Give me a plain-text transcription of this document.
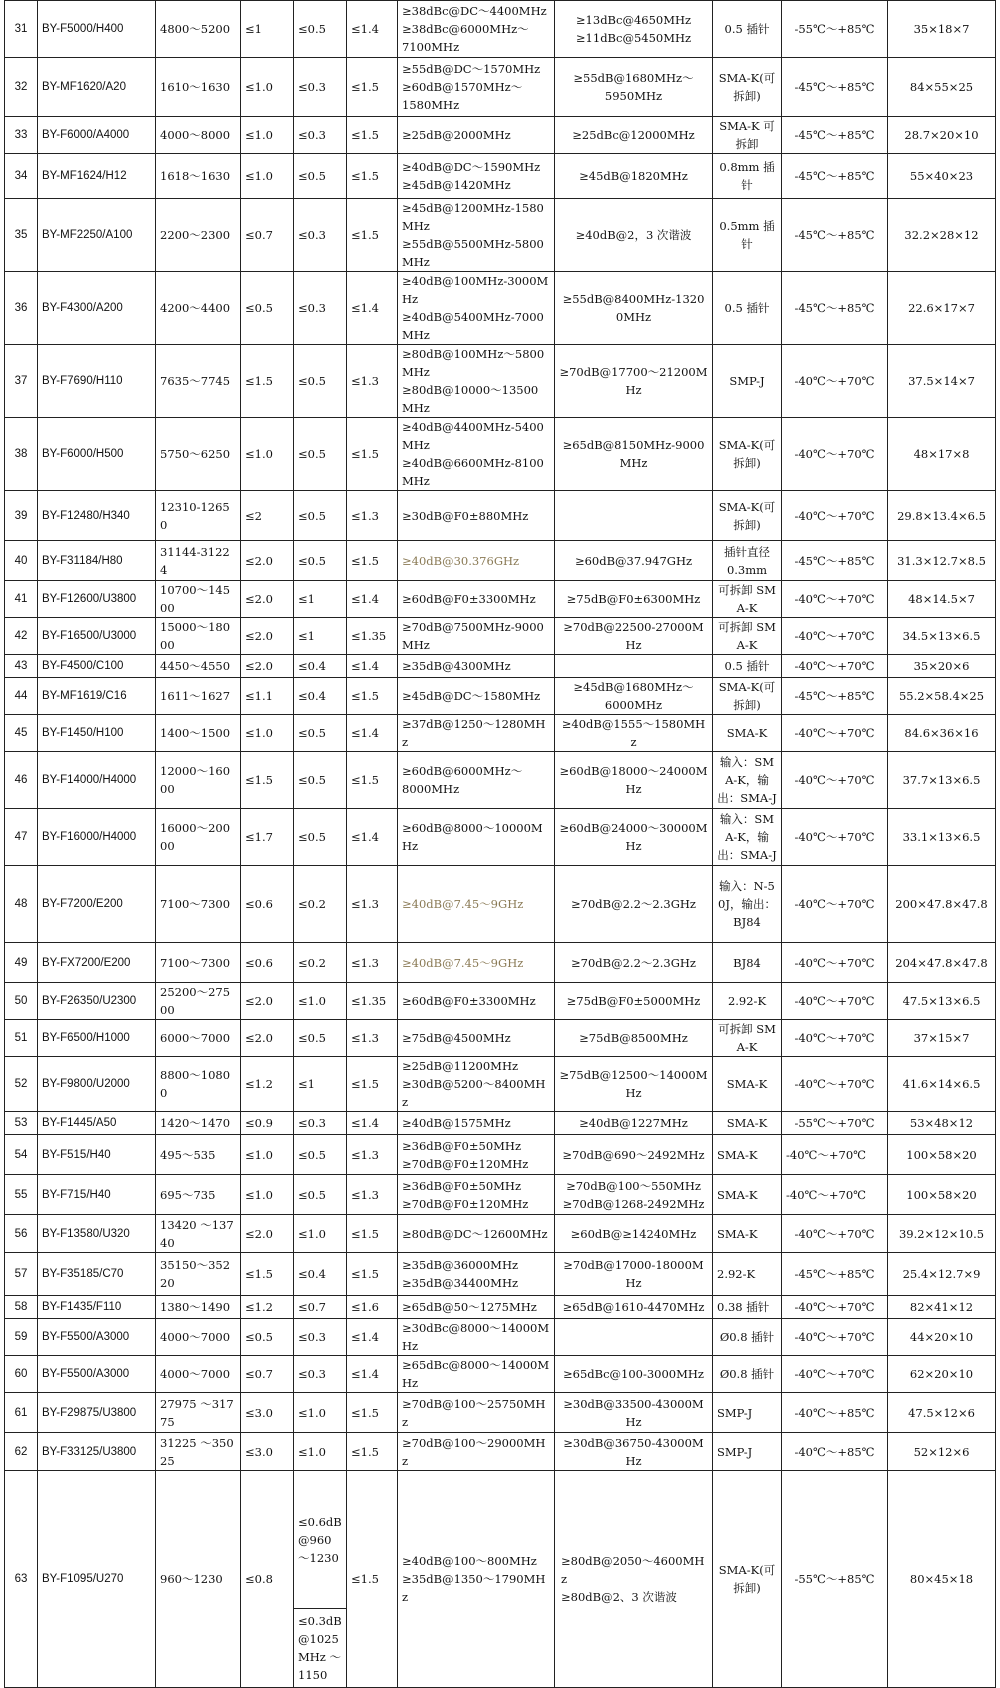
31	BY-F5000/H400	4800～5200	≤1	≤0.5	≤1.4	≥38dBc@DC～4400MHz
≥38dBc@6000MHz～
7100MHz	≥13dBc@4650MHz
≥11dBc@5450MHz	0.5 插针	-55℃～+85℃	35×18×7
32	BY-MF1620/A20	1610～1630	≤1.0	≤0.3	≤1.5	≥55dB@DC～1570MHz
≥60dB@1570MHz～
1580MHz	≥55dB@1680MHz～
5950MHz	SMA-K(可拆卸)	-45℃～+85℃	84×55×25
33	BY-F6000/A4000	4000～8000	≤1.0	≤0.3	≤1.5	≥25dB@2000MHz	≥25dBc@12000MHz	SMA-K 可拆卸	-45℃～+85℃	28.7×20×10
34	BY-MF1624/H12	1618～1630	≤1.0	≤0.5	≤1.5	≥40dB@DC～1590MHz
≥45dB@1420MHz	≥45dB@1820MHz	0.8mm 插针	-45℃～+85℃	55×40×23
35	BY-MF2250/A100	2200～2300	≤0.7	≤0.3	≤1.5	≥45dB@1200MHz-1580MHz
≥55dB@5500MHz-5800MHz	≥40dB@2，3 次谐波	0.5mm 插针	-45℃～+85℃	32.2×28×12
36	BY-F4300/A200	4200～4400	≤0.5	≤0.3	≤1.4	≥40dB@100MHz-3000MHz
≥40dB@5400MHz-7000MHz	≥55dB@8400MHz-13200MHz	0.5 插针	-45℃～+85℃	22.6×17×7
37	BY-F7690/H110	7635～7745	≤1.5	≤0.5	≤1.3	≥80dB@100MHz～5800MHz
≥80dB@10000～13500MHz	≥70dB@17700～21200MHz	SMP-J	-40℃～+70℃	37.5×14×7
38	BY-F6000/H500	5750～6250	≤1.0	≤0.5	≤1.5	≥40dB@4400MHz-5400MHz
≥40dB@6600MHz-8100MHz	≥65dB@8150MHz-9000MHz	SMA-K(可拆卸)	-40℃～+70℃	48×17×8
39	BY-F12480/H340	12310-12650	≤2	≤0.5	≤1.3	≥30dB@F0±880MHz		SMA-K(可拆卸)	-40℃～+70℃	29.8×13.4×6.5
40	BY-F31184/H80	31144-31224	≤2.0	≤0.5	≤1.5	≥40dB@30.376GHz	≥60dB@37.947GHz	插针直径 0.3mm	-45℃～+85℃	31.3×12.7×8.5
41	BY-F12600/U3800	10700～14500	≤2.0	≤1	≤1.4	≥60dB@F0±3300MHz	≥75dB@F0±6300MHz	可拆卸 SMA-K	-40℃～+70℃	48×14.5×7
42	BY-F16500/U3000	15000～18000	≤2.0	≤1	≤1.35	≥70dB@7500MHz-9000MHz	≥70dB@22500-27000MHz	可拆卸 SMA-K	-40℃～+70℃	34.5×13×6.5
43	BY-F4500/C100	4450～4550	≤2.0	≤0.4	≤1.4	≥35dB@4300MHz		0.5 插针	-40℃～+70℃	35×20×6
44	BY-MF1619/C16	1611～1627	≤1.1	≤0.4	≤1.5	≥45dB@DC～1580MHz	≥45dB@1680MHz～
6000MHz	SMA-K(可拆卸)	-45℃～+85℃	55.2×58.4×25
45	BY-F1450/H100	1400～1500	≤1.0	≤0.5	≤1.4	≥37dB@1250～1280MHz	≥40dB@1555～1580MHz	SMA-K	-40℃～+70℃	84.6×36×16
46	BY-F14000/H4000	12000～16000	≤1.5	≤0.5	≤1.5	≥60dB@6000MHz～
8000MHz	≥60dB@18000～24000MHz	输入：SMA-K，输出：SMA-J	-40℃～+70℃	37.7×13×6.5
47	BY-F16000/H4000	16000～20000	≤1.7	≤0.5	≤1.4	≥60dB@8000～10000MHz	≥60dB@24000～30000MHz	输入：SMA-K，输出：SMA-J	-40℃～+70℃	33.1×13×6.5
48	BY-F7200/E200	7100～7300	≤0.6	≤0.2	≤1.3	≥40dB@7.45～9GHz	≥70dB@2.2～2.3GHz	输入：N-50J，输出：BJ84	-40℃～+70℃	200×47.8×47.8
49	BY-FX7200/E200	7100～7300	≤0.6	≤0.2	≤1.3	≥40dB@7.45～9GHz	≥70dB@2.2～2.3GHz	BJ84	-40℃～+70℃	204×47.8×47.8
50	BY-F26350/U2300	25200～27500	≤2.0	≤1.0	≤1.35	≥60dB@F0±3300MHz	≥75dB@F0±5000MHz	2.92-K	-40℃～+70℃	47.5×13×6.5
51	BY-F6500/H1000	6000～7000	≤2.0	≤0.5	≤1.3	≥75dB@4500MHz	≥75dB@8500MHz	可拆卸 SMA-K	-40℃～+70℃	37×15×7
52	BY-F9800/U2000	8800～10800	≤1.2	≤1	≤1.5	≥25dB@11200MHz
≥30dB@5200～8400MHz	≥75dB@12500～14000MHz	SMA-K	-40℃～+70℃	41.6×14×6.5
53	BY-F1445/A50	1420～1470	≤0.9	≤0.3	≤1.4	≥40dB@1575MHz	≥40dB@1227MHz	SMA-K	-55℃～+70℃	53×48×12
54	BY-F515/H40	495～535	≤1.0	≤0.5	≤1.3	≥36dB@F0±50MHz
≥70dB@F0±120MHz	≥70dB@690～2492MHz	SMA-K	-40℃～+70℃	100×58×20
55	BY-F715/H40	695～735	≤1.0	≤0.5	≤1.3	≥36dB@F0±50MHz
≥70dB@F0±120MHz	≥70dB@100～550MHz
≥70dB@1268-2492MHz	SMA-K	-40℃～+70℃	100×58×20
56	BY-F13580/U320	13420 ～13740	≤2.0	≤1.0	≤1.5	≥80dB@DC～12600MHz	≥60dB@≥14240MHz	SMA-K	-40℃～+70℃	39.2×12×10.5
57	BY-F35185/C70	35150～35220	≤1.5	≤0.4	≤1.5	≥35dB@36000MHz
≥35dB@34400MHz	≥70dB@17000-18000MHz	2.92-K	-45℃～+85℃	25.4×12.7×9
58	BY-F1435/F110	1380～1490	≤1.2	≤0.7	≤1.6	≥65dB@50～1275MHz	≥65dB@1610-4470MHz	0.38 插针	-40℃～+70℃	82×41×12
59	BY-F5500/A3000	4000～7000	≤0.5	≤0.3	≤1.4	≥30dBc@8000～14000MHz		Ø0.8 插针	-40℃～+70℃	44×20×10
60	BY-F5500/A3000	4000～7000	≤0.7	≤0.3	≤1.4	≥65dBc@8000～14000MHz	≥65dBc@100-3000MHz	Ø0.8 插针	-40℃～+70℃	62×20×10
61	BY-F29875/U3800	27975 ～31775	≤3.0	≤1.0	≤1.5	≥70dB@100～25750MHz	≥30dB@33500-43000MHz	SMP-J	-40℃～+85℃	47.5×12×6
62	BY-F33125/U3800	31225 ～35025	≤3.0	≤1.0	≤1.5	≥70dB@100～29000MHz	≥30dB@36750-43000MHz	SMP-J	-40℃～+85℃	52×12×6
63	BY-F1095/U270	960～1230	≤0.8	≤0.6dB@960～1230	≤1.5	≥40dB@100～800MHz
≥35dB@1350～1790MHz	≥80dB@2050～4600MHz
≥80dB@2、3 次谐波	SMA-K(可拆卸)	-55℃～+85℃	80×45×18
				≤0.3dB@1025MHz ～1150						
